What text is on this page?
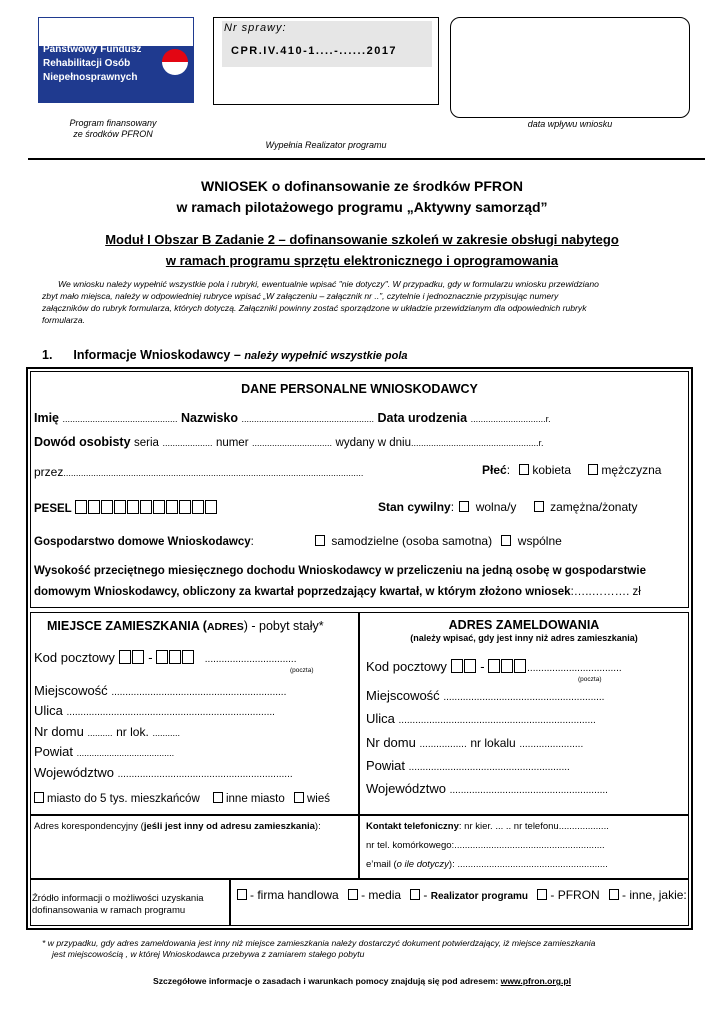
Państwowy Fundusz
Rehabilitacji Osób
Niepełnosprawnych
Program finansowany
ze środków PFRON
Nr sprawy:
CPR.IV.410-1....-......2017
data wpływu wniosku
Wypełnia Realizator programu
WNIOSEK o dofinansowanie ze środków PFRON
w ramach pilotażowego programu „Aktywny samorząd”
Moduł I Obszar B Zadanie 2 – dofinansowanie szkoleń w zakresie obsługi nabytego
w ramach programu sprzętu elektronicznego i oprogramowania
We wniosku należy wypełnić wszystkie pola i rubryki, ewentualnie wpisać "nie dotyczy". W przypadku, gdy w formularzu wniosku przewidziano
zbyt mało miejsca, należy w odpowiedniej rubryce wpisać „W załączeniu – załącznik nr ..”, czytelnie i jednoznacznie przypisując numery
załączników do rubryk formularza, których dotyczą. Załączniki powinny zostać sporządzone w układzie przewidzianym dla odpowiednich rubryk
formularza.
1. Informacje Wnioskodawcy – należy wypełnić wszystkie pola
DANE PERSONALNE WNIOSKODAWCY
Imię .............................................. Nazwisko ..................................................... Data urodzenia ..............................r.
Dowód osobisty seria .................... numer ................................ wydany w dniu...................................................r.
przez........................................................................................................................	Płeć: kobieta	mężczyzna
PESEL	Stan cywilny:  wolna/y	zamężna/żonaty
Gospodarstwo domowe Wnioskodawcy:	samodzielne (osoba samotna) wspólne
Wysokość przeciętnego miesięcznego dochodu Wnioskodawcy w przeliczeniu na jedną osobę w gospodarstwie
domowym Wnioskodawcy, obliczony za kwartał poprzedzający kwartał, w którym złożono wniosek:…..………. zł
MIEJSCE ZAMIESZKANIA (ADRES) - pobyt stały*
Kod pocztowy	-	.................................
(poczta)
Miejscowość ...............................................................
Ulica ...........................................................................
Nr domu .......... nr lok. ...........
Powiat .......................................
Województwo ...............................................................
miasto do 5 tys. mieszkańców inne miasto wieś
ADRES ZAMELDOWANIA
(należy wpisać, gdy jest inny niż adres zamieszkania)
Kod pocztowy	-	..................................
(poczta)
Miejscowość ..........................................................
Ulica .......................................................................
Nr domu ................. nr lokalu .......................
Powiat ..........................................................
Województwo .........................................................
Adres korespondencyjny (jeśli jest inny od adresu zamieszkania):	Kontakt telefoniczny: nr kier. ... .. nr telefonu...................
nr tel. komórkowego:.........................................................
e’mail (o ile dotyczy): .........................................................
Źródło informacji o możliwości uzyskania
dofinansowania w ramach programu
- firma handlowa - media - Realizator programu - PFRON - inne, jakie:
* w przypadku, gdy adres zameldowania jest inny niż miejsce zamieszkania należy dostarczyć dokument potwierdzający, iż miejsce zamieszkania
jest miejscowością , w której Wnioskodawca przebywa z zamiarem stałego pobytu
Szczegółowe informacje o zasadach i warunkach pomocy znajdują się pod adresem: www.pfron.org.pl
